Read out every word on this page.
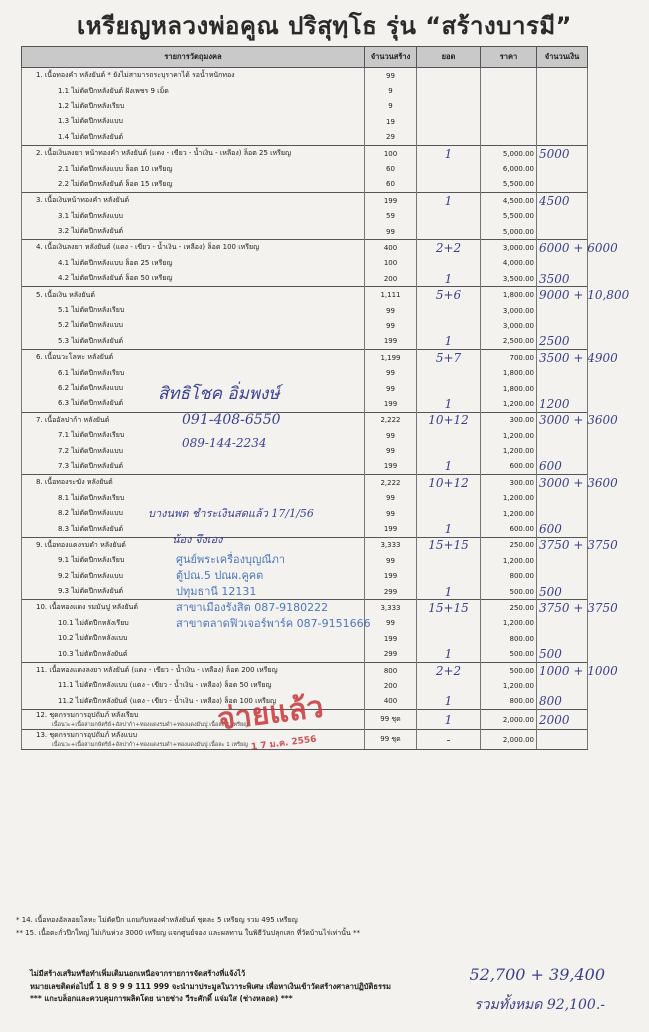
เหรียญหลวงพ่อคูณ ปริสุทฺโธ รุ่น “สร้างบารมี”
รายการวัตถุมงคล	จำนวนสร้าง	ยอด	ราคา	จำนวนเงิน
1. เนื้อทองคำ หลังยันต์ * ยังไม่สามารถระบุราคาได้ รอน้ำหนักทอง	99			
1.1 ไม่ตัดปีกหลังยันต์ ฝังเพชร 9 เม็ด	9			
1.2 ไม่ตัดปีกหลังเรียบ	9			
1.3 ไม่ตัดปีกหลังแบบ	19			
1.4 ไม่ตัดปีกหลังยันต์	29			
2. เนื้อเงินลงยา หน้าทองคำ หลังยันต์ (แดง - เขียว - น้ำเงิน - เหลือง) ล็อต 25 เหรียญ	100	1	5,000.00	5000
2.1 ไม่ตัดปีกหลังแบบ ล็อต 10 เหรียญ	60		6,000.00	
2.2 ไม่ตัดปีกหลังยันต์ ล็อต 15 เหรียญ	60		5,500.00	
3. เนื้อเงินหน้าทองคำ หลังยันต์	199	1	4,500.00	4500
3.1 ไม่ตัดปีกหลังแบบ	59		5,500.00	
3.2 ไม่ตัดปีกหลังยันต์	99		5,000.00	
4. เนื้อเงินลงยา หลังยันต์ (แดง - เขียว - น้ำเงิน - เหลือง) ล็อต 100 เหรียญ	400	2+2	3,000.00	6000 + 6000
4.1 ไม่ตัดปีกหลังแบบ ล็อต 25 เหรียญ	100		4,000.00	
4.2 ไม่ตัดปีกหลังยันต์ ล็อต 50 เหรียญ	200	1	3,500.00	3500
5. เนื้อเงิน หลังยันต์	1,111	5+6	1,800.00	9000 + 10,800
5.1 ไม่ตัดปีกหลังเรียบ	99		3,000.00	
5.2 ไม่ตัดปีกหลังแบบ	99		3,000.00	
5.3 ไม่ตัดปีกหลังยันต์	199	1	2,500.00	2500
6. เนื้อนวะโลหะ หลังยันต์	1,199	5+7	700.00	3500 + 4900
6.1 ไม่ตัดปีกหลังเรียบ	99		1,800.00	
6.2 ไม่ตัดปีกหลังแบบ	99		1,800.00	
6.3 ไม่ตัดปีกหลังยันต์	199	1	1,200.00	1200
7. เนื้ออัลปาก้า หลังยันต์	2,222	10+12	300.00	3000 + 3600
7.1 ไม่ตัดปีกหลังเรียบ	99		1,200.00	
7.2 ไม่ตัดปีกหลังแบบ	99		1,200.00	
7.3 ไม่ตัดปีกหลังยันต์	199	1	600.00	600
8. เนื้อทองระฆัง หลังยันต์	2,222	10+12	300.00	3000 + 3600
8.1 ไม่ตัดปีกหลังเรียบ	99		1,200.00	
8.2 ไม่ตัดปีกหลังแบบ	99		1,200.00	
8.3 ไม่ตัดปีกหลังยันต์	199	1	600.00	600
9. เนื้อทองแดงรมดำ หลังยันต์	3,333	15+15	250.00	3750 + 3750
9.1 ไม่ตัดปีกหลังเรียบ	99		1,200.00	
9.2 ไม่ตัดปีกหลังแบบ	199		800.00	
9.3 ไม่ตัดปีกหลังยันต์	299	1	500.00	500
10. เนื้อทองแดง รมมันปู หลังยันต์	3,333	15+15	250.00	3750 + 3750
10.1 ไม่ตัดปีกหลังเรียบ	99		1,200.00	
10.2 ไม่ตัดปีกหลังแบบ	199		800.00	
10.3 ไม่ตัดปีกหลังยันต์	299	1	500.00	500
11. เนื้อทองแดงลงยา หลังยันต์ (แดง - เขียว - น้ำเงิน - เหลือง) ล็อต 200 เหรียญ	800	2+2	500.00	1000 + 1000
11.1 ไม่ตัดปีกหลังแบบ (แดง - เขียว - น้ำเงิน - เหลือง) ล็อต 50 เหรียญ	200		1,200.00	
11.2 ไม่ตัดปีกหลังยันต์ (แดง - เขียว - น้ำเงิน - เหลือง) ล็อต 100 เหรียญ	400	1	800.00	800
12. ชุดกรรมการอุปถัมภ์ หลังเรียบ
เนื้อนวะ+เนื้อสามกษัตริย์+อัลปาก้า+ทองแดงรมดำ+ทองแดงมันปู เนื้อละ 1 เหรียญ	99 ชุด	1	2,000.00	2000
13. ชุดกรรมการอุปถัมภ์ หลังแบบ
เนื้อนวะ+เนื้อสามกษัตริย์+อัลปาก้า+ทองแดงรมดำ+ทองแดงมันปู เนื้อละ 1 เหรียญ	99 ชุด	-	2,000.00	
* 14. เนื้อทองอัลลอยโลหะ ไม่ตัดปีก แถมกับทองคำหลังยันต์ ชุดละ 5 เหรียญ รวม 495 เหรียญ
** 15. เนื้อตะกั่วปีกใหญ่ ไม่เกินห่วง 3000 เหรียญ แจกศูนย์จอง และผลทาน ในพิธีวันปลุกเสก ที่วัดบ้านไร่เท่านั้น **
ไม่มีสร้างเสริมหรือทำเพิ่มเติมนอกเหนือจากรายการจัดสร้างที่แจ้งไว้
หมายเลขติดต่อไปนี้ 1 8 9 9 9 111 999 จะนำมาประมูลในวาระพิเศษ เพื่อหาเงินเข้าวัดสร้างศาลาปฏิบัติธรรม
*** แกะบล็อกและควบคุมการผลิตโดย นายช่าง วีระศักดิ์ แจ่มใส (ช่างหลอด) ***
52,700 + 39,400
รวมทั้งหมด 92,100.-
สิทธิโชค อิ่มพงษ์
091-408-6550
089-144-2234
บางนพต ชำระเงินสดแล้ว 17/1/56
น้อง จึงเอง
ศูนย์พระเครื่องบุญณีภา
ตู้ปณ.5 ปณผ.คูคต
ปทุมธานี 12131
สาขาเมืองรังสิต 087-9180222
สาขาตลาดฟิวเจอร์พาร์ค 087-9151666
จ่ายแล้ว
1 7 ม.ค. 2556
